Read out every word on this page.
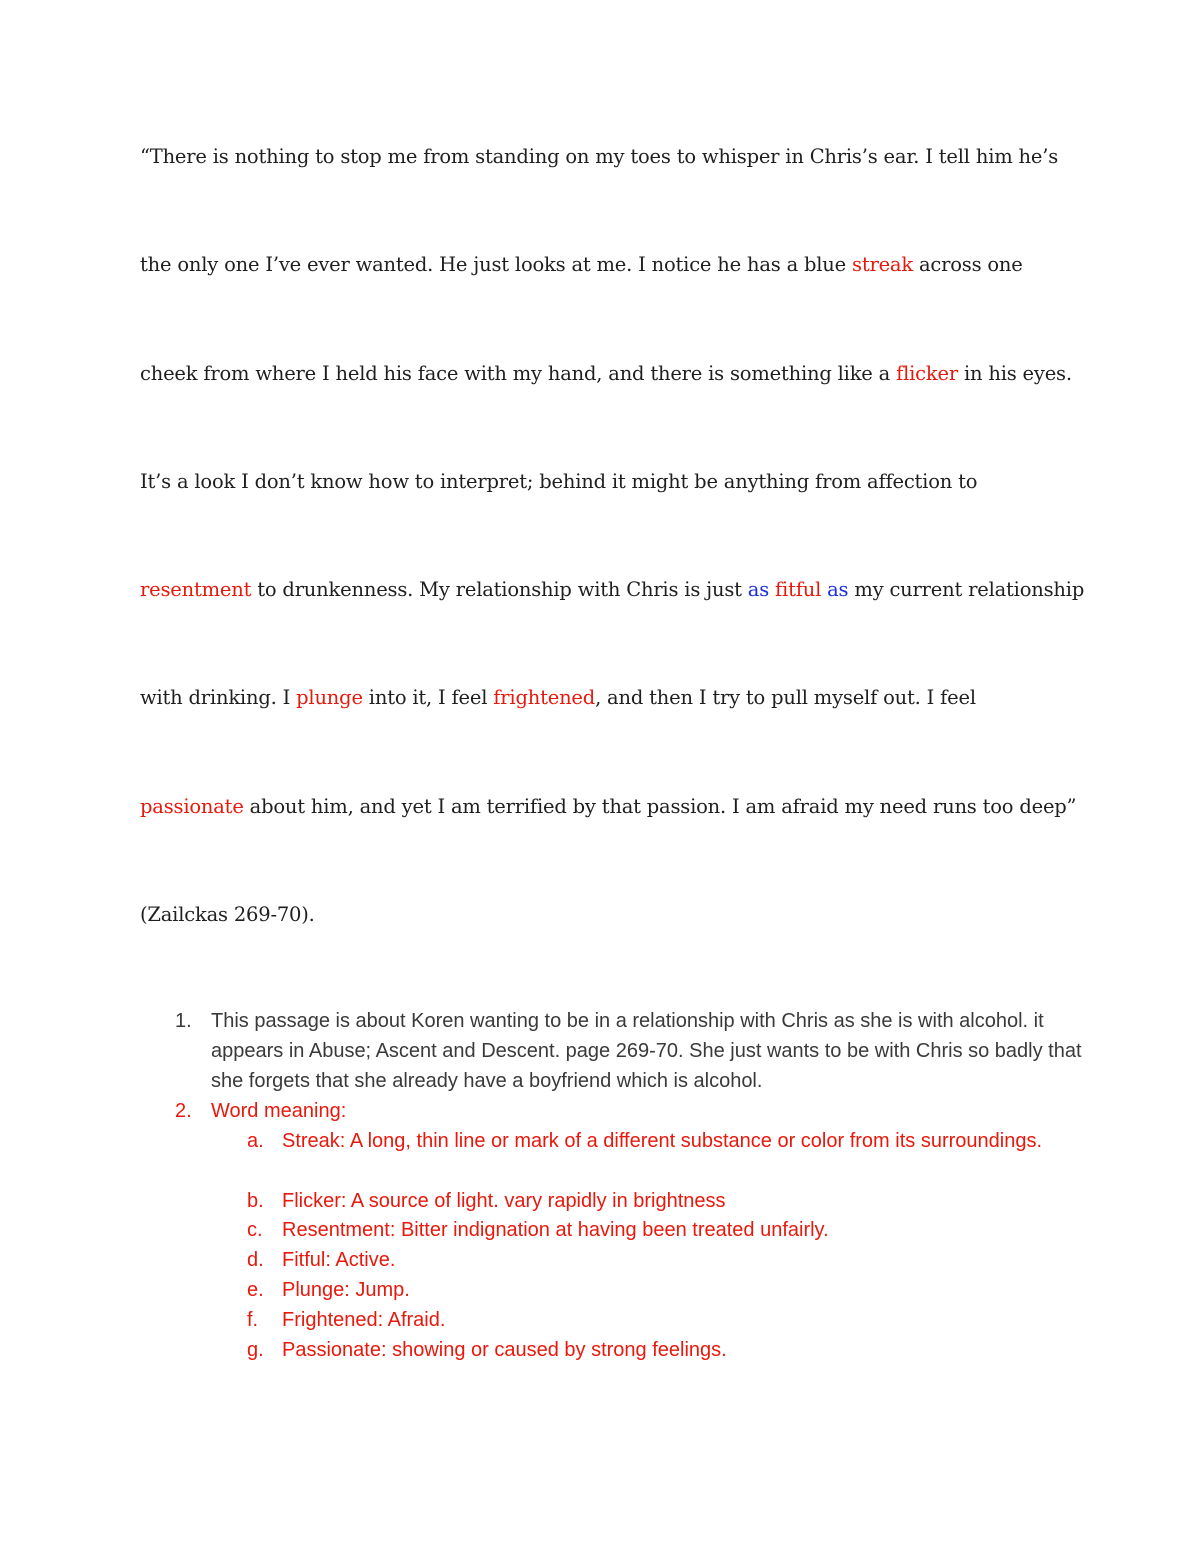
“There is nothing to stop me from standing on my toes to whisper in Chris’s ear. I tell him he’s
the only one I’ve ever wanted. He just looks at me. I notice he has a blue streak across one
cheek from where I held his face with my hand, and there is something like a flicker in his eyes.
It’s a look I don’t know how to interpret; behind it might be anything from affection to
resentment to drunkenness. My relationship with Chris is just as fitful as my current relationship
with drinking. I plunge into it, I feel frightened, and then I try to pull myself out. I feel
passionate about him, and yet I am terrified by that passion. I am afraid my need runs too deep”
(Zailckas 269-70).
1. This passage is about Koren wanting to be in a relationship with Chris as she is with alcohol. it appears in Abuse; Ascent and Descent. page 269-70. She just wants to be with Chris so badly that she forgets that she already have a boyfriend which is alcohol.
2. Word meaning:
a. Streak: A long, thin line or mark of a different substance or color from its surroundings.
b. Flicker: A source of light. vary rapidly in brightness
c. Resentment: Bitter indignation at having been treated unfairly.
d. Fitful: Active.
e. Plunge: Jump.
f. Frightened: Afraid.
g. Passionate: showing or caused by strong feelings.
